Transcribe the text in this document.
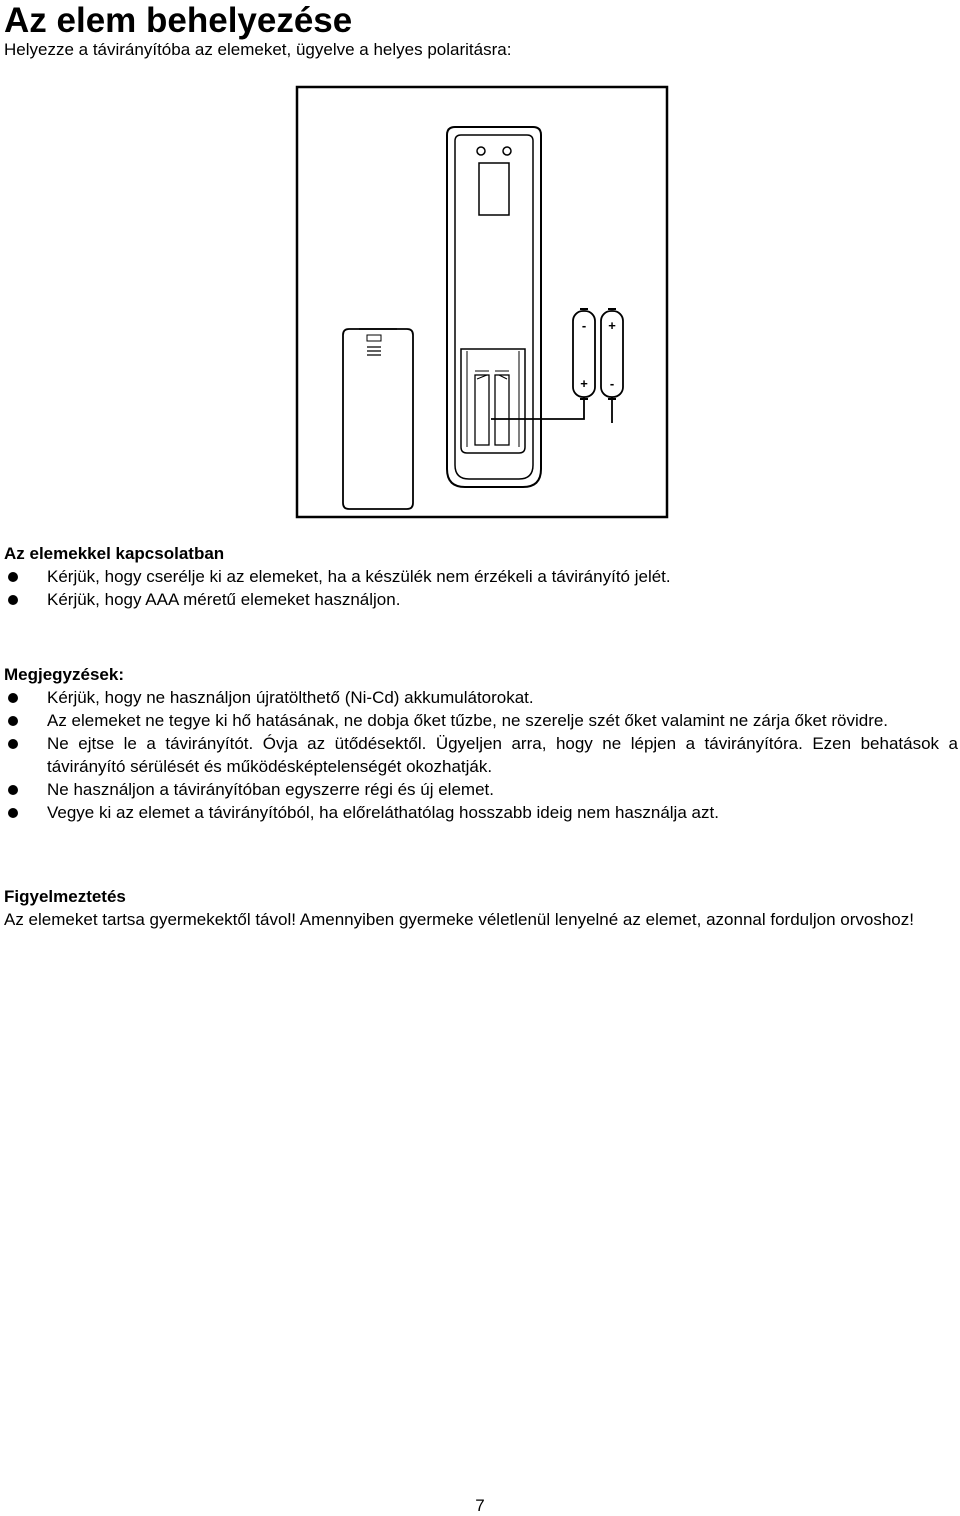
Az elem behelyezése
Helyezze a távirányítóba az elemeket, ügyelve a helyes polaritásra:
- +
+ -
Az elemekkel kapcsolatban
Kérjük, hogy cserélje ki az elemeket, ha a készülék nem érzékeli a távirányító jelét.
Kérjük, hogy AAA méretű elemeket használjon.
Megjegyzések:
Kérjük, hogy ne használjon újratölthető (Ni-Cd) akkumulátorokat.
Az elemeket ne tegye ki hő hatásának, ne dobja őket tűzbe, ne szerelje szét őket valamint ne zárja őket rövidre.
Ne ejtse le a távirányítót. Óvja az ütődésektől. Ügyeljen arra, hogy ne lépjen a távirányítóra. Ezen behatások a távirányító sérülését és működésképtelenségét okozhatják.
Ne használjon a távirányítóban egyszerre régi és új elemet.
Vegye ki az elemet a távirányítóból, ha előreláthatólag hosszabb ideig nem használja azt.
Figyelmeztetés
Az elemeket tartsa gyermekektől távol! Amennyiben gyermeke véletlenül lenyelné az elemet, azonnal forduljon orvoshoz!
7
